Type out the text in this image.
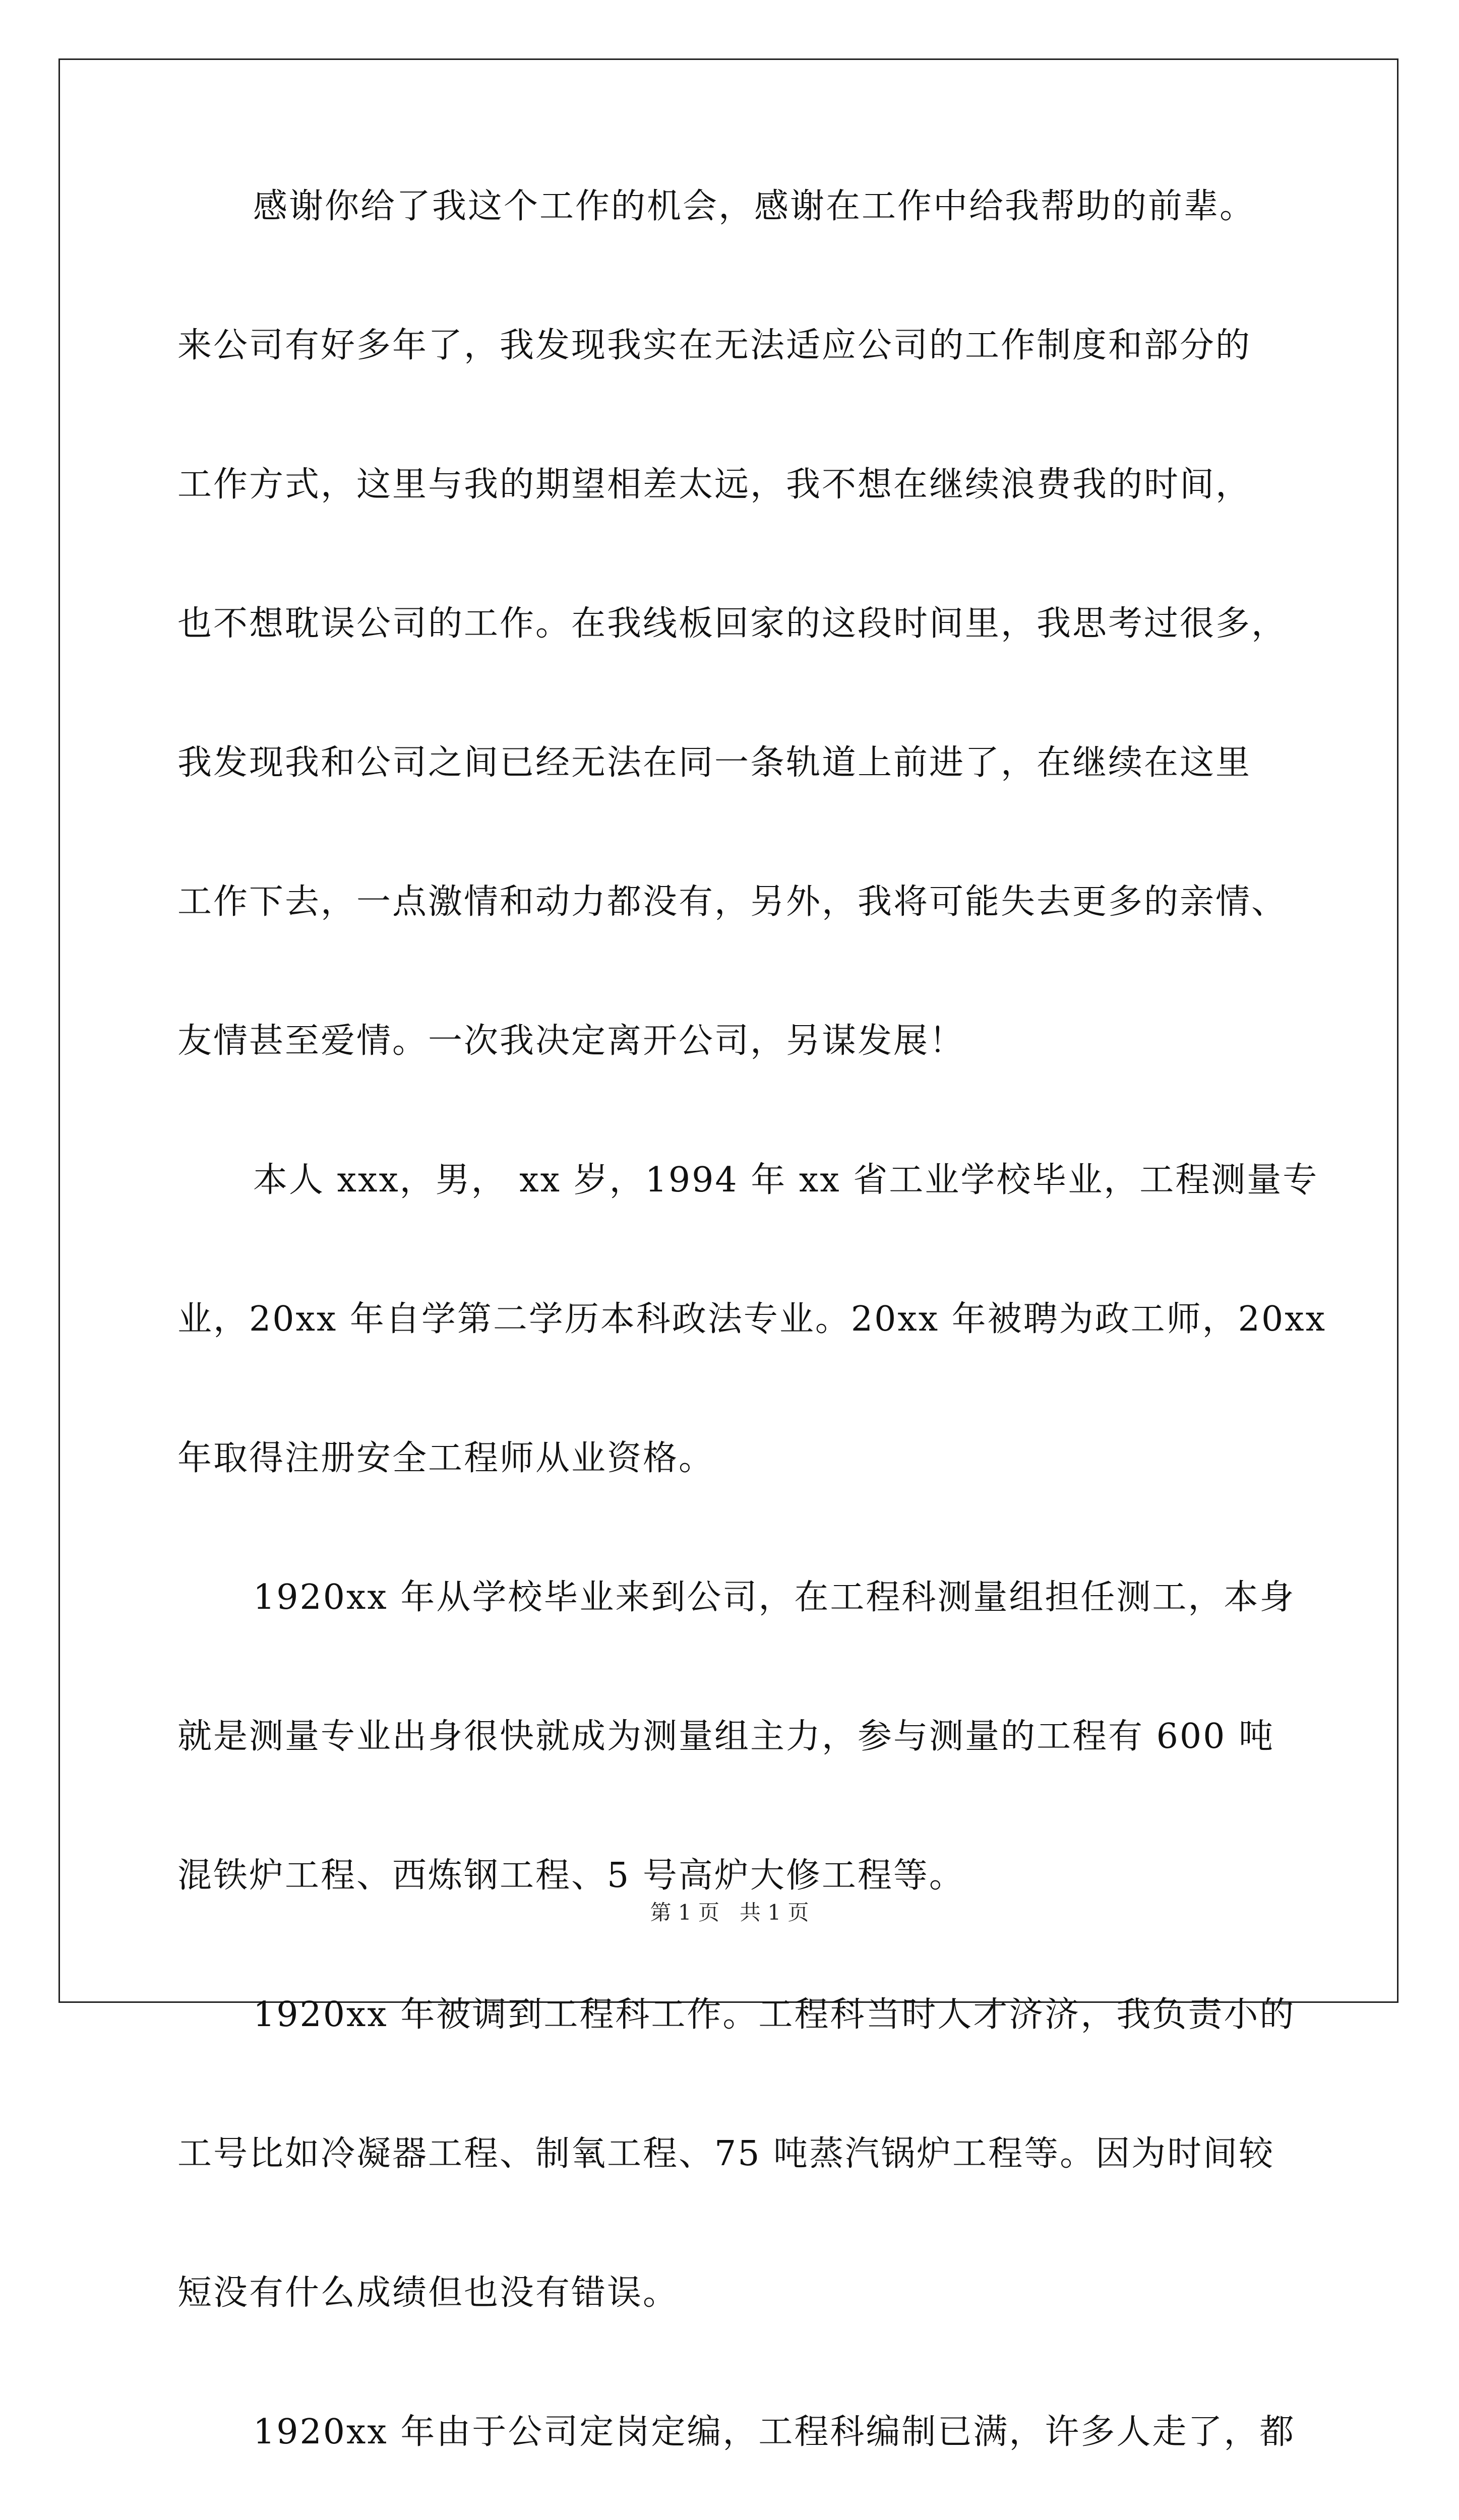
感谢你给了我这个工作的机会，感谢在工作中给我帮助的前辈。
来公司有好多年了，我发现我实在无法适应公司的工作制度和部分的
工作方式，这里与我的期望相差太远，我不想在继续浪费我的时间，
也不想耽误公司的工作。在我线板回家的这段时间里，我思考过很多，
我发现我和公司之间已经无法在同一条轨道上前进了，在继续在这里
工作下去，一点激情和动力都没有，另外，我将可能失去更多的亲情、
友情甚至爱情。一次我决定离开公司，另谋发展！
本人 xxx，男， xx 岁，1994 年 xx 省工业学校毕业，工程测量专
业，20xx 年自学第二学历本科政法专业。20xx 年被聘为政工师，20xx
年取得注册安全工程师从业资格。
1920xx 年从学校毕业来到公司，在工程科测量组担任测工，本身
就是测量专业出身很快就成为测量组主力，参与测量的工程有 600 吨
混铁炉工程、西炼钢工程、5 号高炉大修工程等。
1920xx 年被调到工程科工作。工程科当时人才济济，我负责小的
工号比如冷凝器工程、制氧工程、75 吨蒸汽锅炉工程等。因为时间较
短没有什么成绩但也没有错误。
1920xx 年由于公司定岗定编，工程科编制已满，许多人走了，都
第 1 页 共 1 页
